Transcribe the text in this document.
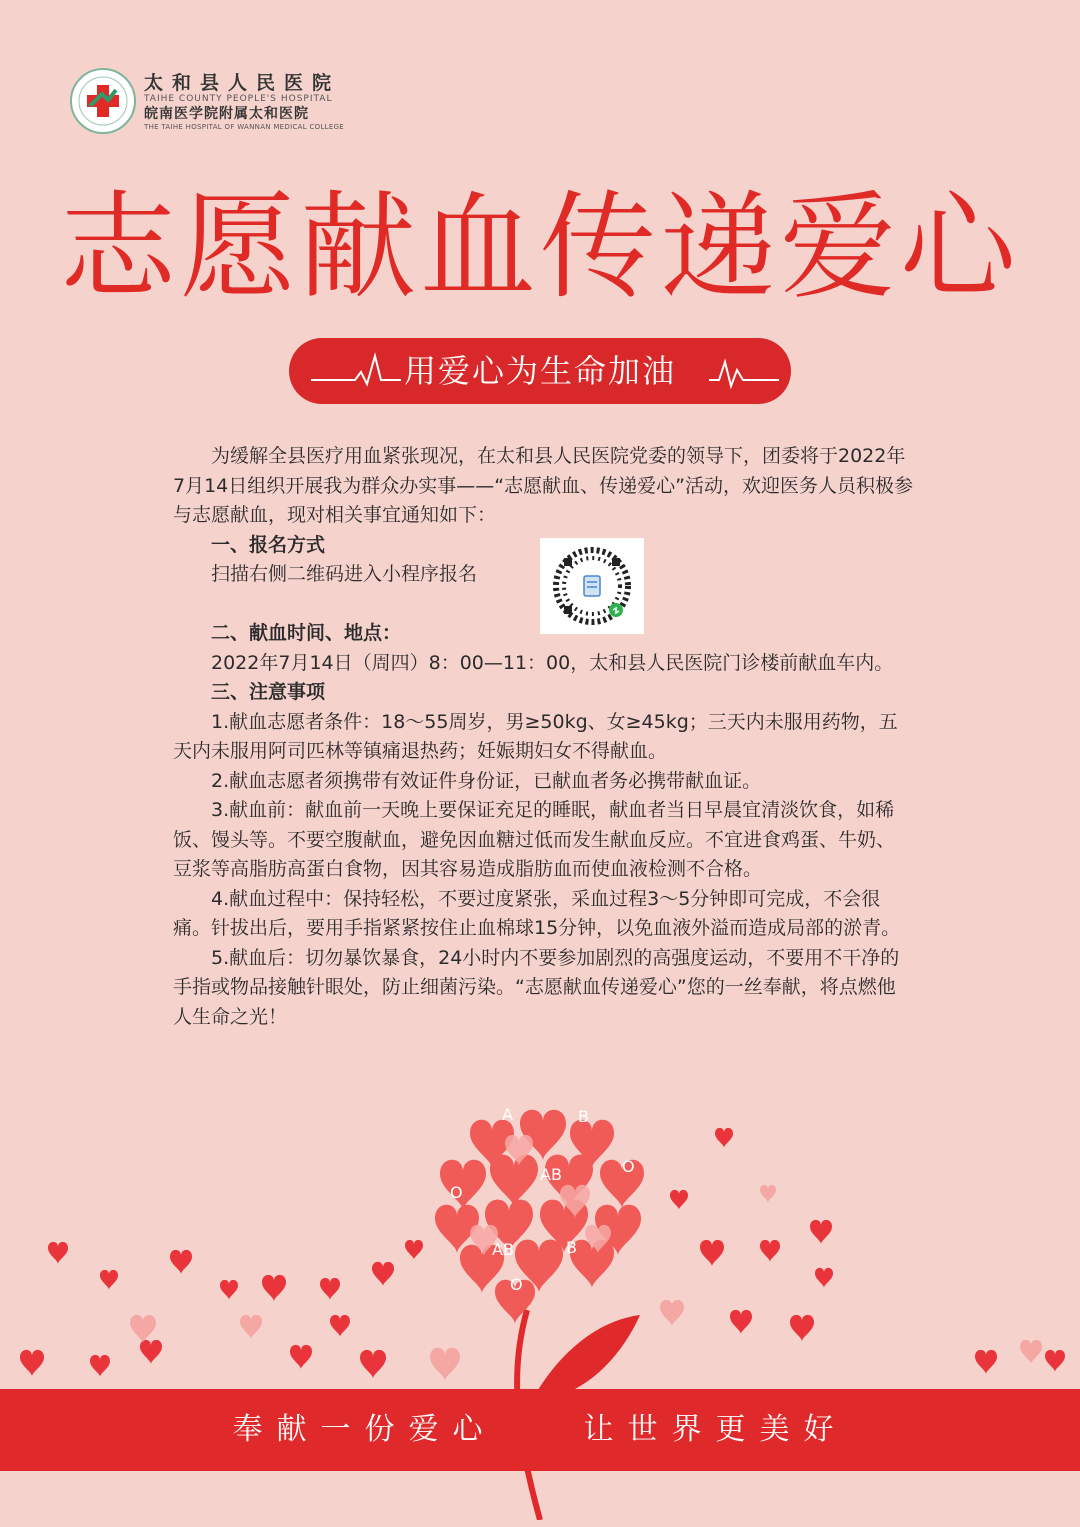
太和县人民医院
TAIHE COUNTY PEOPLE'S HOSPITAL
皖南医学院附属太和医院
THE TAIHE HOSPITAL OF WANNAN MEDICAL COLLEGE
志愿献血传递爱心
用爱心为生命加油

为缓解全县医疗用血紧张现况，在太和县人民医院党委的领导下，团委将于2022年7月14日组织开展我为群众办实事——“志愿献血、传递爱心”活动，欢迎医务人员积极参与志愿献血，现对相关事宜通知如下：

一、报名方式

扫描右侧二维码进入小程序报名

二、献血时间、地点：

2022年7月14日（周四）8：00—11：00，太和县人民医院门诊楼前献血车内。

三、注意事项

1.献血志愿者条件：18～55周岁，男≥50kg、女≥45kg；三天内未服用药物，五天内未服用阿司匹林等镇痛退热药；妊娠期妇女不得献血。

2.献血志愿者须携带有效证件身份证，已献血者务必携带献血证。

3.献血前：献血前一天晚上要保证充足的睡眠，献血者当日早晨宜清淡饮食，如稀饭、馒头等。不要空腹献血，避免因血糖过低而发生献血反应。不宜进食鸡蛋、牛奶、豆浆等高脂肪高蛋白食物，因其容易造成脂肪血而使血液检测不合格。

4.献血过程中：保持轻松，不要过度紧张，采血过程3～5分钟即可完成，不会很痛。针拔出后，要用手指紧紧按住止血棉球15分钟，以免血液外溢而造成局部的淤青。

5.献血后：切勿暴饮暴食，24小时内不要参加剧烈的高强度运动，不要用不干净的手指或物品接触针眼处，防止细菌污染。“志愿献血传递爱心”您的一丝奉献，将点燃他人生命之光！

A	B
AB
O
B
AB
O
O
奉献一份爱心	让世界更美好
